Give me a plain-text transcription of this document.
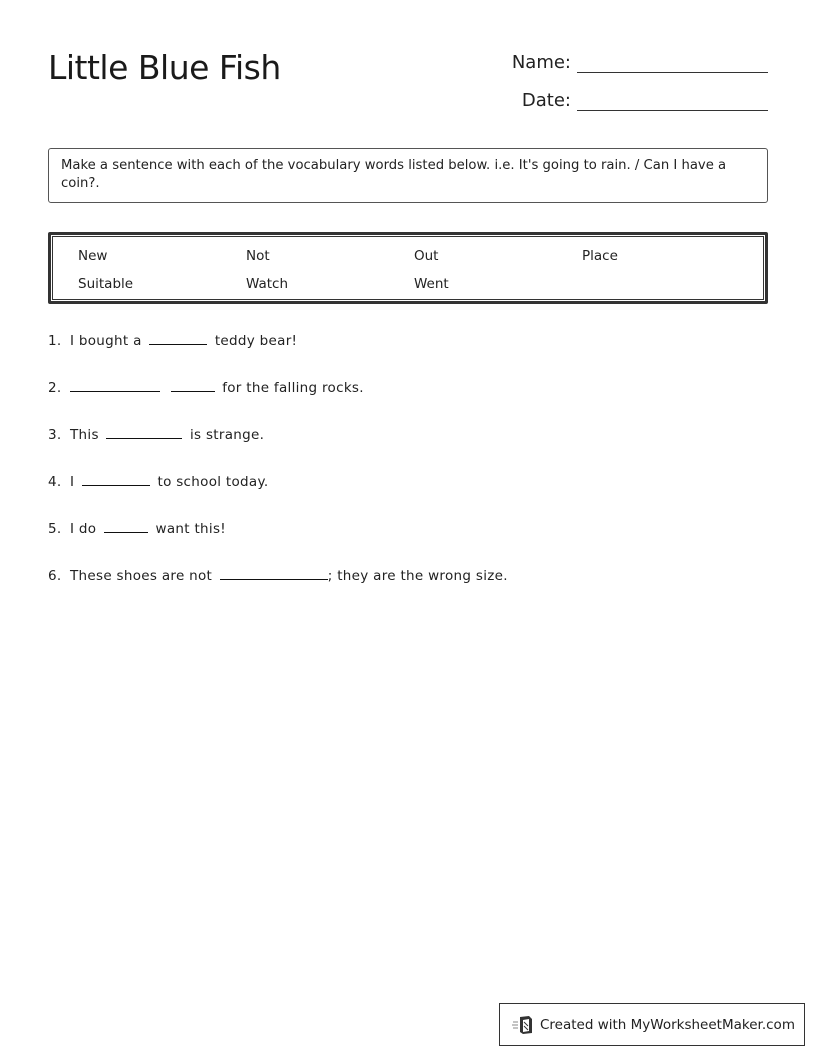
Little Blue Fish	Name:
Date:
Make a sentence with each of the vocabulary words listed below. i.e. It's going to rain. / Can I have a coin?.
New	Not	Out	Place
Suitable	Watch	Went
1. I bought a	teddy bear!
2.	for the falling rocks.
3. This	is strange.
4. I	to school today.
5. I do	want this!
6. These shoes are not	; they are the wrong size.
Created with MyWorksheetMaker.com
